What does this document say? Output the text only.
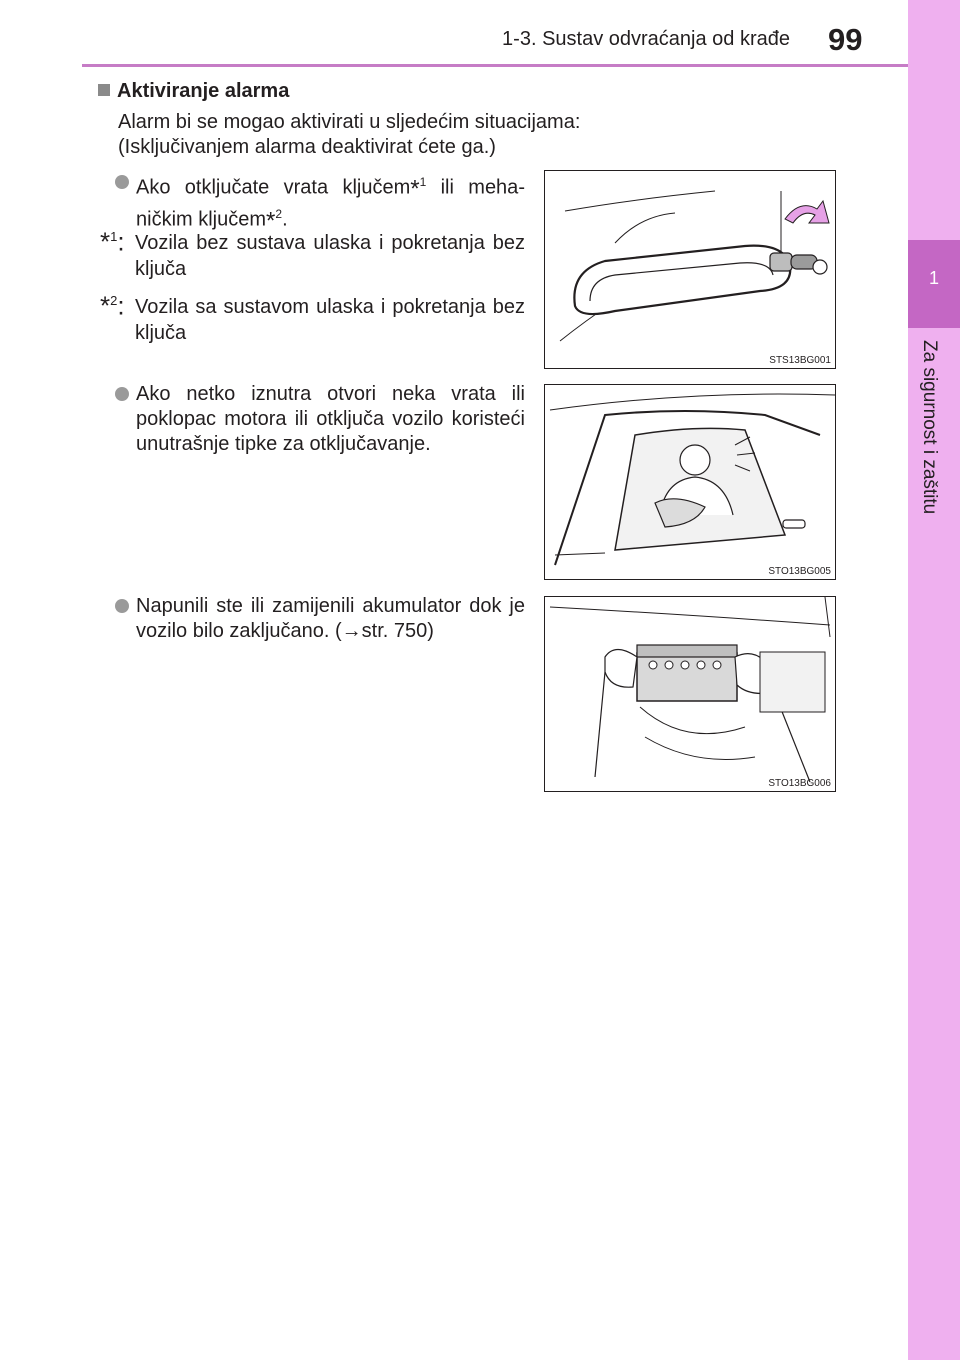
1-3. Sustav odvraćanja od krađe 99
1
Za sigurnost i zaštitu
Aktiviranje alarma
Alarm bi se mogao aktivirati u sljedećim situacijama:
(Isključivanjem alarma deaktivirat ćete ga.)
Ako otključate vrata ključem*$^1$ ili mehaničkim ključem*$^2$.
*$^1$: Vozila bez sustava ulaska i pokretanja bez ključa
*$^2$: Vozila sa sustavom ulaska i pokretanja bez ključa
Ako netko iznutra otvori neka vrata ili poklopac motora ili otključa vozilo koristeći unutrašnje tipke za otključavanje.
Napunili ste ili zamijenili akumulator dok je vozilo bilo zaključano. (→str. 750)
STS13BG001
STO13BG005
STO13BG006
